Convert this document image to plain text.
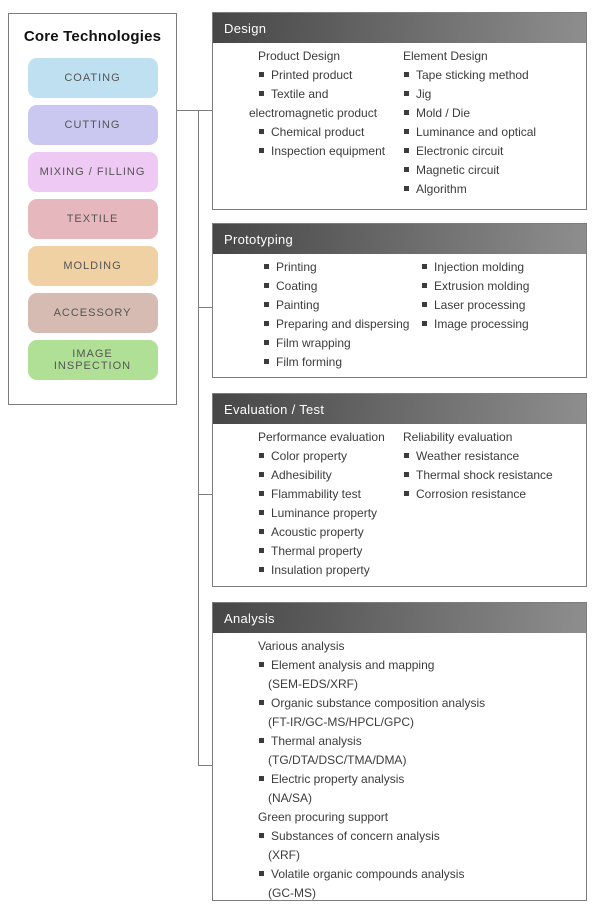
Core Technologies
COATING
CUTTING
MIXING / FILLING
TEXTILE
MOLDING
ACCESSORY
IMAGE INSPECTION
Design
Product Design
Printed product
Textile and electromagnetic product
Chemical product
Inspection equipment
Element Design
Tape sticking method
Jig
Mold / Die
Luminance and optical
Electronic circuit
Magnetic circuit
Algorithm
Prototyping
Printing
Coating
Painting
Preparing and dispersing
Film wrapping
Film forming
Injection molding
Extrusion molding
Laser processing
Image processing
Evaluation / Test
Performance evaluation
Color property
Adhesibility
Flammability test
Luminance property
Acoustic property
Thermal property
Insulation property
Reliability evaluation
Weather resistance
Thermal shock resistance
Corrosion resistance
Analysis
Various analysis
Element analysis and mapping
(SEM-EDS/XRF)
Organic substance composition analysis
(FT-IR/GC-MS/HPCL/GPC)
Thermal analysis
(TG/DTA/DSC/TMA/DMA)
Electric property analysis
(NA/SA)
Green procuring support
Substances of concern analysis
(XRF)
Volatile organic compounds analysis
(GC-MS)
